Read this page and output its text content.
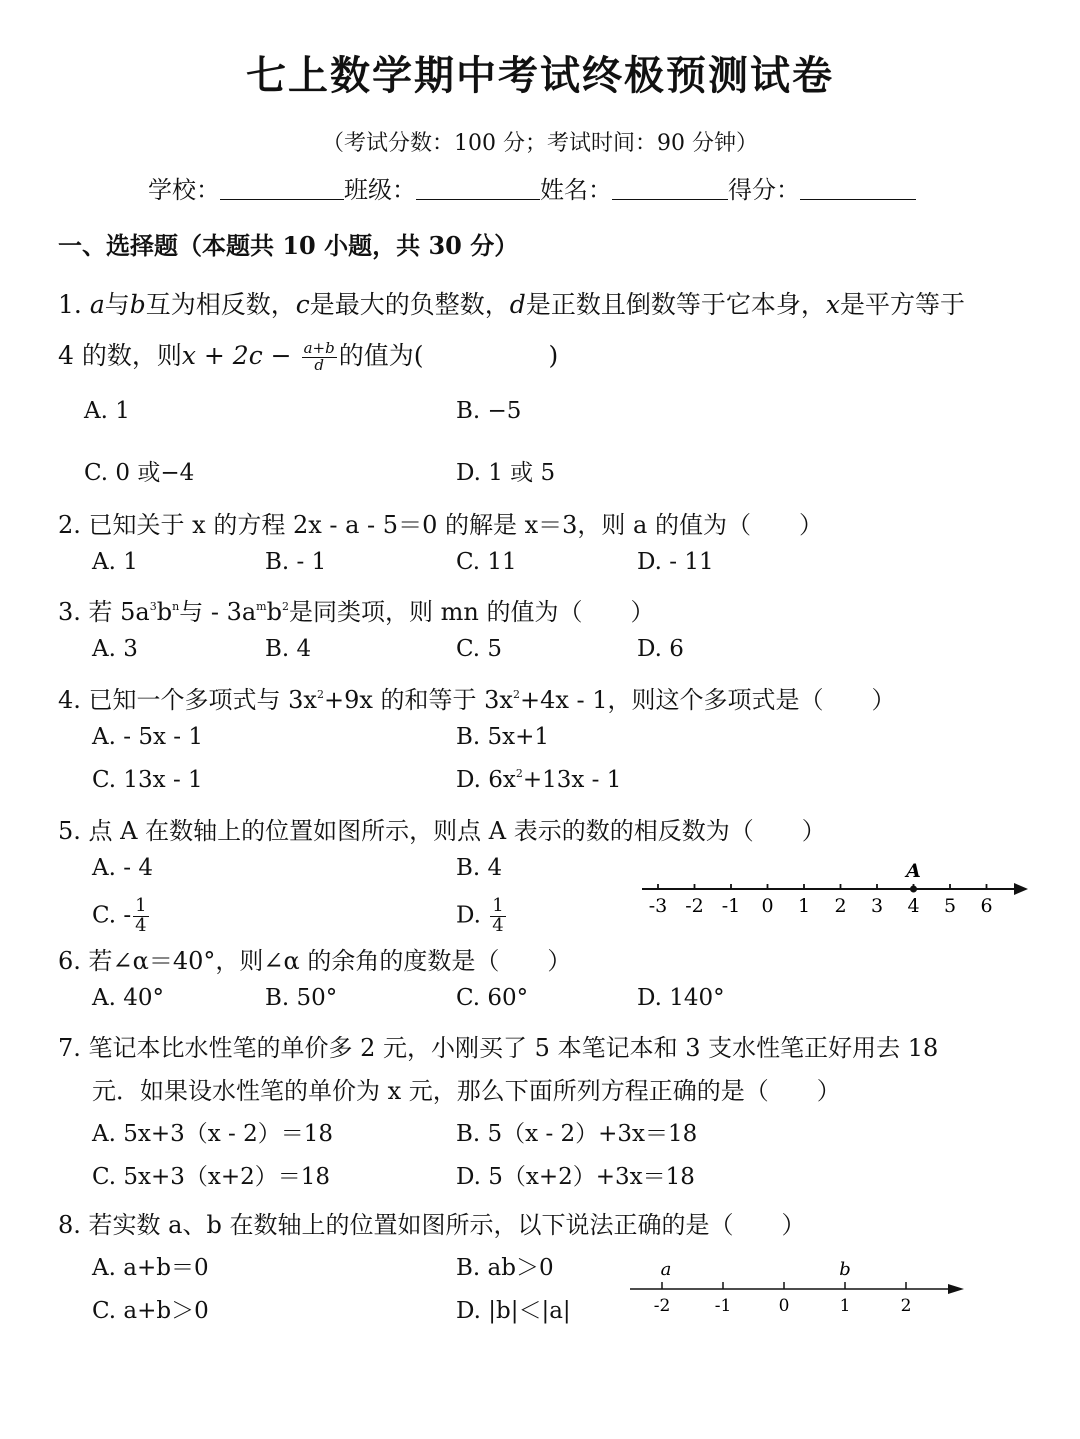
七上数学期中考试终极预测试卷
（考试分数：100 分；考试时间：90 分钟）
学校：	班级：	姓名：	得分：
一、选择题（本题共 10 小题，共 30 分）
1. a与b互为相反数，c是最大的负整数，d是正数且倒数等于它本身，x是平方等于
4 的数，则$x + 2c - \frac{a+b}{d}$ 的值为(　　　　　)
A. 1	B. −5
C. 0 或−4	D. 1 或 5
2. 已知关于 x 的方程 2x - a - 5＝0 的解是 x＝3，则 a 的值为（　　）
A. 1	B. - 1	C. 11	D. - 11
3. 若 $5a^3b^n$与 - $3a^mb^2$是同类项，则 mn 的值为（　　）
A. 3	B. 4	C. 5	D. 6
4. 已知一个多项式与 $3x^2+9x$ 的和等于 $3x^2+4x - 1$，则这个多项式是（　　）
A. - 5x - 1	B. 5x+1
C. 13x - 1	D. $6x^2+13x - 1$
5. 点 A 在数轴上的位置如图所示，则点 A 表示的数的相反数为（　　）
A. - 4	B. 4
C. - $\frac{1}{4}$	D. $\frac{1}{4}$	-3 -2 -1 0 1 2 3 4 5 6
A
6. 若∠α＝40°，则∠α 的余角的度数是（　　）
A. 40°	B. 50°	C. 60°	D. 140°
7. 笔记本比水性笔的单价多 2 元，小刚买了 5 本笔记本和 3 支水性笔正好用去 18
元．如果设水性笔的单价为 x 元，那么下面所列方程正确的是（　　）
A. 5x+3（x - 2）＝18	B. 5（x - 2）+3x＝18
C. 5x+3（x+2）＝18	D. 5（x+2）+3x＝18
8. 若实数 a、b 在数轴上的位置如图所示，以下说法正确的是（　　）
A. a+b＝0	B. ab＞0
C. a+b＞0	D. |b|＜|a|	-2	-1	0	1	2
a	b
